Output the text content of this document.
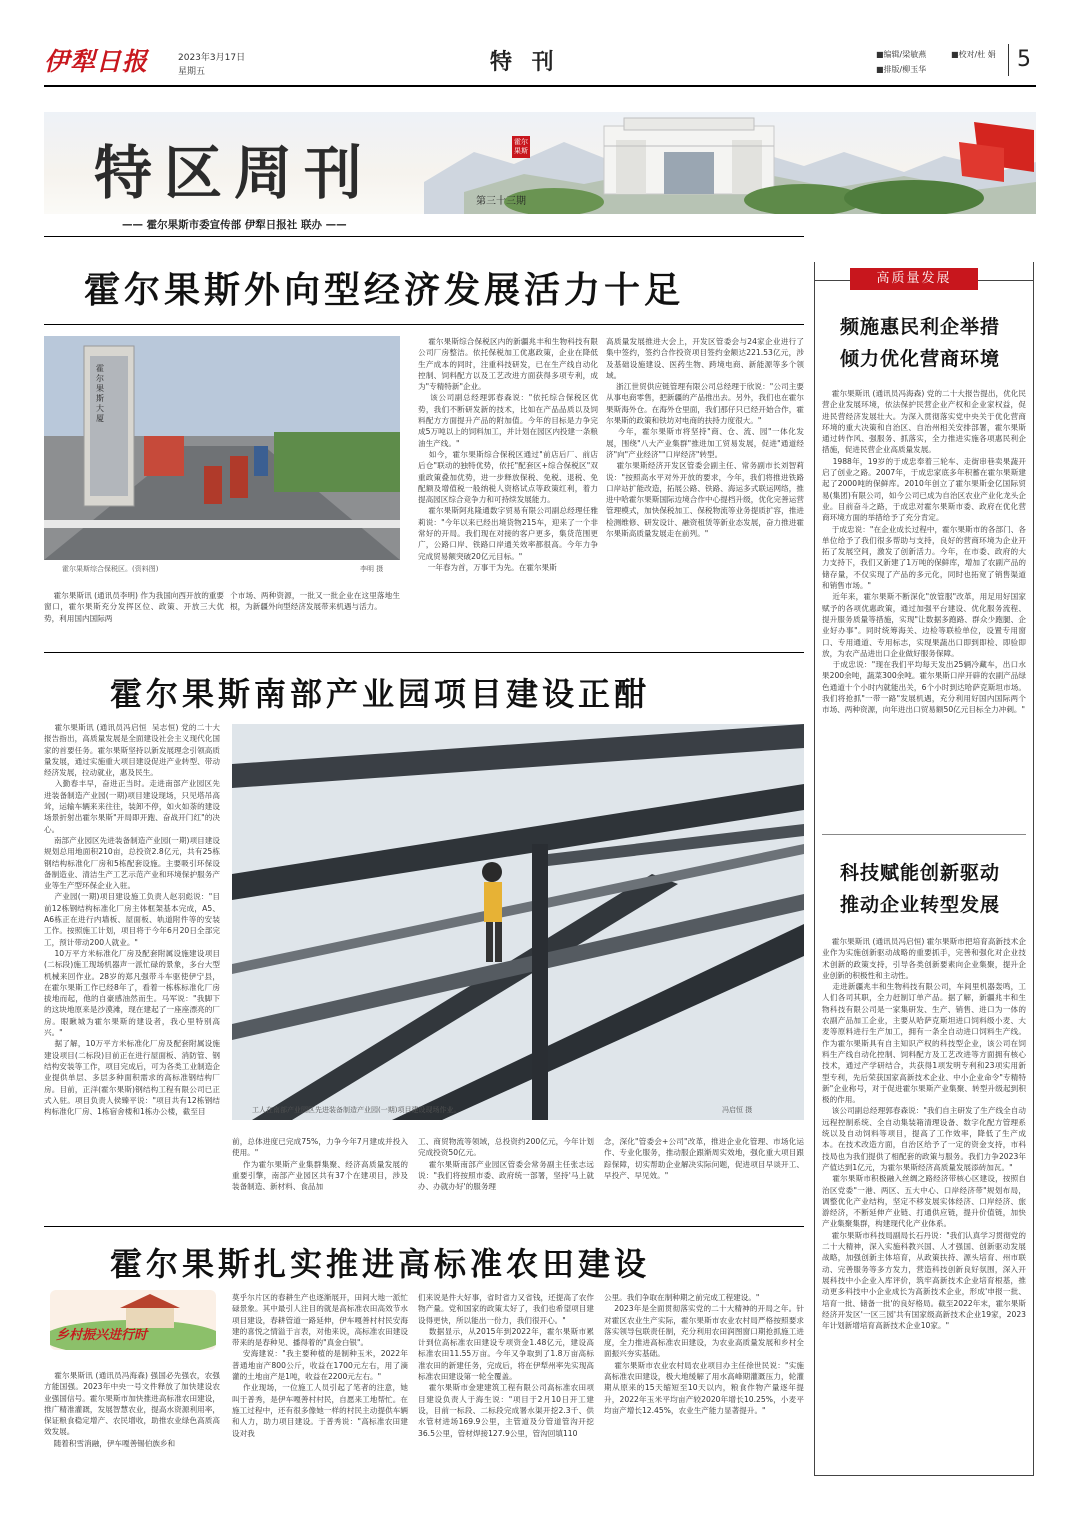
伊犁日报	2023年3月17日
星期五	特 刊	■编辑/梁敏燕	■校对/杜 娟
■排版/柳玉华	5
特区周刊	霍尔果斯
第三十三期
—— 霍尔果斯市委宣传部 伊犁日报社 联办 ——
霍尔果斯外向型经济发展活力十足
霍尔果斯大厦
霍尔果斯综合保税区。(资料图)	李明 摄
霍尔果斯讯 (通讯员李明) 作为我国向西开放的重要窗口，霍尔果斯充分发挥区位、政策、开放三大优势，利用国内国际两
个市场、两种资源，一批又一批企业在这里落地生根，为新疆外向型经济发展带来机遇与活力。
霍尔果斯综合保税区内的新疆兆丰和生物科技有限公司厂房整洁。依托保税加工优惠政策，企业在降低生产成本的同时，注重科技研发，已在生产线自动化控制、饲料配方以及工艺改进方面获得多项专利，成为"专精特新"企业。
该公司副总经理郭春森说："依托综合保税区优势，我们不断研发新的技术，比如在产品品质以及饲料配方方面提升产品的附加值。今年的目标是力争完成5万吨以上的饲料加工，并计划在园区内投建一条粮油生产线。"
如今，霍尔果斯综合保税区通过"前店后厂、前店后仓"联动的独特优势，依托"配套区+综合保税区"双重政策叠加优势，进一步释放保税、免税、退税、免配额及增值税一般纳税人资格试点等政策红利，着力提高园区综合竞争力和可持续发展能力。
霍尔果斯阿兆隆通数字贸易有限公司副总经理任雅莉说："今年以来已经出境货物215车，迎来了一个非常好的开局。我们现在对接的客户更多，集货范围更广，公路口岸、铁路口岸通关效率都很高。今年力争完成贸易额突破20亿元目标。"
一年春为首，万事干为先。在霍尔果斯
高质量发展推进大会上，开发区管委会与24家企业进行了集中签约，签约合作投资项目签约金额达221.53亿元，涉及基础设施建设、医药生物、跨境电商、新能源等多个领域。
浙江世贸供应链管理有限公司总经理于欣说："公司主要从事电商零售，把新疆的产品推出去。另外，我们也在霍尔果斯海外仓。在海外仓里面，我们那仔只已经开始合作，霍尔果斯的政策和铁坊对电商的扶持力度很大。"
今年，霍尔果斯市将坚持"商、仓、流、园"一体化发展，围绕"八大产业集群"推进加工贸易发展，促进"通道经济"向"产业经济""口岸经济"转型。
霍尔果斯经济开发区管委会副主任、常务副市长刘智莉说："按照高水平对外开放的要求，今年，我们将推进铁路口岸站扩能改造，拓展公路、铁路、海运多式联运网络，推进中哈霍尔果斯国际边境合作中心提档升级，优化完善运营管理模式，加快保税加工、保税物流等业务提质扩容，推进检测维修、研发设计、融资租赁等新业态发展，奋力推进霍尔果斯高质量发展走在前列。"
霍尔果斯南部产业园项目建设正酣
霍尔果斯讯 (通讯员冯启恒  吴志恒) 党的二十大报告指出，高质量发展是全面建设社会主义现代化国家的首要任务。霍尔果斯坚持以新发展理念引领高质量发展，通过实施重大项目建设促进产业转型、带动经济发展，拉动就业，惠及民生。
入勤春丰早，奋进正当时。走进南部产业园区先进装备制造产业园(一期)项目建设现场，只见塔吊高耸，运输车辆来来往往，装卸不停，如火如荼的建设场景折射出霍尔果斯"开局即开跑、奋战开门红"的决心。
南部产业园区先进装备制造产业园(一期)项目建设规划总用地面积210亩，总投资2.8亿元，共有25栋钢结构标准化厂房和5栋配套设施。主要吸引环保设备制造业、清洁生产工艺示范产业和环境保护服务产业等生产型环保企业入驻。
产业园(一期)项目建设施工负责人赵羽彪说："目前12栋钢结构标准化厂房主体框架基本完成，A5、A6栋正在进行内墙板、屋面板、轨道附件等的安装工作。按照施工计划，项目将于今年6月20日全部完工，预计带动200人就业。"
10万平方米标准化厂房及配套附属设施建设项目(二标段)施工现场机器声一派忙碌的景象，多台大型机械来回作业。28岁的郑凡强带斗车驱使伊宁县，在霍尔果斯工作已经8年了，看着一栋栋标准化厂房拔地而起，他的自豪感油然而生。马军说："我脚下的这块地原来是沙漠滩，现在建起了一座座漂亮的厂房。眼瞅城为霍尔果斯的建设者，我心里特别高兴。"
据了解，10万平方米标准化厂房及配套附属设施建设项目(二标段)目前正在进行屋面板、消防管、钢结构安装等工作，项目完成后，可为各类工业制造企业提供单层、多层多种面积需求的高标准钢结构厂房。目前，正洋(霍尔果斯)钢结构工程有限公司已正式入驻。项目负责人侯臻平说："项目共有12栋钢结构标准化厂房、1栋宿舍楼和1栋办公楼，截至目	工人在南部产业园区先进装备制造产业园(一期)项目建设现场作业。	冯启恒 摄
前，总体进度已完成75%，力争今年7月建成并投入使用。"
作为霍尔果斯产业集群集聚、经济高质量发展的重要引擎，南部产业园区共有37个在建项目，涉及装备制造、新材料、食品加
工、商贸物流等领域，总投资约200亿元，今年计划完成投资50亿元。
霍尔果斯南部产业园区管委会常务副主任张志远说："我们将按照市委、政府统一部署，坚持'马上就办、办就办好'的服务理
念，深化"管委会+公司"改革，推进企业化管理、市场化运作、专业化服务，推动服企跟渐周实效地，强化重大项目跟踪保障，切实帮助企业解决实际问题，促进项目早谈开工、早投产、早见效。"
霍尔果斯扎实推进高标准农田建设
乡村振兴进行时
霍尔果斯讯 (通讯员冯海森) 强国必先强农，农强方能国强。2023年中央一号文件释放了加快建设农业强国信号。霍尔果斯市加快推进高标准农田建设，推广精准灌溉，发展智慧农业，提高水资源利用率，保证粮食稳定增产、农民增收，助推农业绿色高质高效发展。
随着积雪消融，伊车嘎善锡伯族乡和
莫乎尔片区的春耕生产也逐渐展开，田间大地一派忙碌景象。其中最引人注目的就是高标准农田高效节水项目建设，春耕管道一路延伸，伊车嘎善村村民安海建的喜悦之情溢于言表，对他来说，高标准农田建设带来的是春种见、播得着的"真金白银"。
安海建说："我主要种植的是制种玉米，2022年普通地亩产800公斤，收益在1700元左右，用了滴灌的土地亩产是1吨，收益在2200元左右。"
作业现场，一位施工人员引起了笔者的注意，她叫于普秀，是伊车嘎善村村民，自愿来工地帮忙。在施工过程中，还有很多像她一样的村民主动提供车辆和人力，助力项目建设。于普秀说："高标准农田建设对我
们来说是件大好事，省时省力又省钱，还提高了农作物产量。党和国家的政策太好了，我们也希望项目建设得更快，所以能出一份力，我们很开心。"
数据显示，从2015年到2022年，霍尔果斯市累计到位高标准农田建设专项资金1.48亿元，建设高标准农田11.55万亩。今年又争取到了1.8万亩高标准农田的新建任务，完成后，将在伊犁州率先实现高标准农田建设第一轮全覆盖。
霍尔果斯市金建建筑工程有限公司高标准农田项目建设负责人于海生说："项目于2月10日开工建设，目前一标段、二标段完成署水渠开挖2.3千、供水管材进场169.9公里，主管道及分管道管沟开挖36.5公里，管材焊接127.9公里，管沟回填110
公里。我们争取在制种期之前完成工程建设。"
2023年是全面贯彻落实党的二十大精神的开局之年。针对霍区农业生产实际，霍尔果斯市农业农村局严格按照要求落实领导包联责任制，充分利用农田润图窗口期抢抓施工进度，全力推进高标准农田建设，为农业高质量发展和乡村全面振兴夯实基础。
霍尔果斯市农业农村局农业项目办主任徐世民说："实施高标准农田建设，极大地缓解了用水高峰期灌溉压力，轮灌期从原来的15天缩短至10天以内，粮食作物产量逐年提升，2022年玉米平均亩产较2020年增长10.25%，小麦平均亩产增长12.45%，农业生产能力显著提升。"
高质量发展
频施惠民利企举措
倾力优化营商环境
霍尔果斯讯 (通讯员冯海森) 党的二十大报告提出，优化民营企业发展环境，依法保护民营企业产权和企业家权益，促进民营经济发展壮大。为深入贯彻落实党中央关于优化营商环境的重大决策和自治区、自治州相关安排部署，霍尔果斯通过转作风、强服务、抓落实，全力推进实施各项惠民利企措施，促进民营企业高质量发展。
1988年，19岁的于成忠奉着三轮车、走街串巷卖果蔬开启了创业之路。2007年，于成忠家底多年积蓄在霍尔果斯建起了2000吨的保鲜库。2010年创立了霍尔果斯金亿国际贸易(集团)有限公司，如今公司已成为自治区农业产业化龙头企业。目前奋斗之路，于成忠对霍尔果斯市委、政府在优化营商环境方面的举措给予了充分肯定。
于成忠说："在企业成长过程中，霍尔果斯市的各部门、各单位给予了我们很多帮助与支持，良好的营商环境为企业开拓了发展空间，激发了创新活力。今年，在市委、政府的大力支持下，我们又新建了1万吨的保鲜库，增加了农副产品的储存量，不仅实现了产品的多元化，同时也拓宽了销售渠道和销售市场。"
近年来，霍尔果斯不断深化"放管服"改革，用足用好国家赋予的各项优惠政策，通过加强平台建设、优化服务流程、提升服务质量等措施，实现"让数据多跑路、群众少跑腿、企业好办事"。同时统筹海关、边检等联检单位，设置专用窗口、专用通道、专用标志，实现果蔬出口即到即检、即验即放，为农产品进出口企业做好服务保障。
于成忠说："现在我们平均每天发出25辆冷藏车，出口水果200余吨，蔬菜300余吨。霍尔果斯口岸开辟的农副产品绿色通道十个小时内就能出关，6个小时到达哈萨克斯坦市场。我们将抢抓"一带一路"发展机遇，充分利用好国内国际两个市场、两种资源，向年进出口贸易额50亿元目标全力冲刺。"
科技赋能创新驱动
推动企业转型发展
霍尔果斯讯 (通讯员冯启恒) 霍尔果斯市把培育高新技术企业作为实施创新驱动战略的重要抓手，完善和强化对企业技术创新的政策支持，引导各类创新要素向企业集聚，提升企业创新的积极性和主动性。
走进新疆兆丰和生物科技有限公司，车间里机器轰鸣，工人们各司其职，全力赶制订单产品。据了解，新疆兆丰和生物科技有限公司是一家集研发、生产、销售、进口为一体的农副产品加工企业，主要从哈萨克斯坦进口饲料级小麦、大麦等原料进行生产加工，拥有一条全自动进口饲料生产线。作为霍尔果斯具有自主知识产权的科技型企业，该公司在饲料生产线自动化控制、饲料配方及工艺改进等方面拥有核心技术，通过产学研结合，共获得1项发明专利和23项实用新型专利，先后荣获国家高新技术企业、中小企业命令"专精特新"企业称号，对于促进霍尔果斯产业集聚、转型升级起到积极的作用。
该公司副总经理郭春森说："我们自主研发了生产线全自动远程控制系统、全自动集装箱清理设备、数字化配方管理系统以及自动饲料等项目，提高了工作效率，降低了生产成本。在技术改造方面，自治区给予了一定的资金支持，市科技局也为我们提供了相配套的政策与服务。我们力争2023年产值达到1亿元，为霍尔果斯经济高质量发展添砖加瓦。"
霍尔果斯市积极融入丝绸之路经济带核心区建设，按照自治区党委"一港、两区、五大中心、口岸经济带"规划布局，调整优化产业结构，坚定不移发展实体经济、口岸经济、旅游经济，不断延伸产业链、打通供应链，提升价值链，加快产业集聚集群，构建现代化产业体系。
霍尔果斯市科技局副局长石丹说："我们认真学习贯彻党的二十大精神，深入实施科教兴国、人才强国、创新驱动发展战略，加强创新主体培育，从政策扶持、源头培育、州市联动、完善服务等多方发力，营造科技创新良好氛围，深入开展科技中小企业入库评价，筑牢高新技术企业培育根基，推动更多科技中小企业成长为高新技术企业，形成'申报一批、培育一批、储备一批'的良好格局。截至2022年末，霍尔果斯经济开发区'一区三园'共有国家级高新技术企业19家，2023年计划新增培育高新技术企业10家。"
